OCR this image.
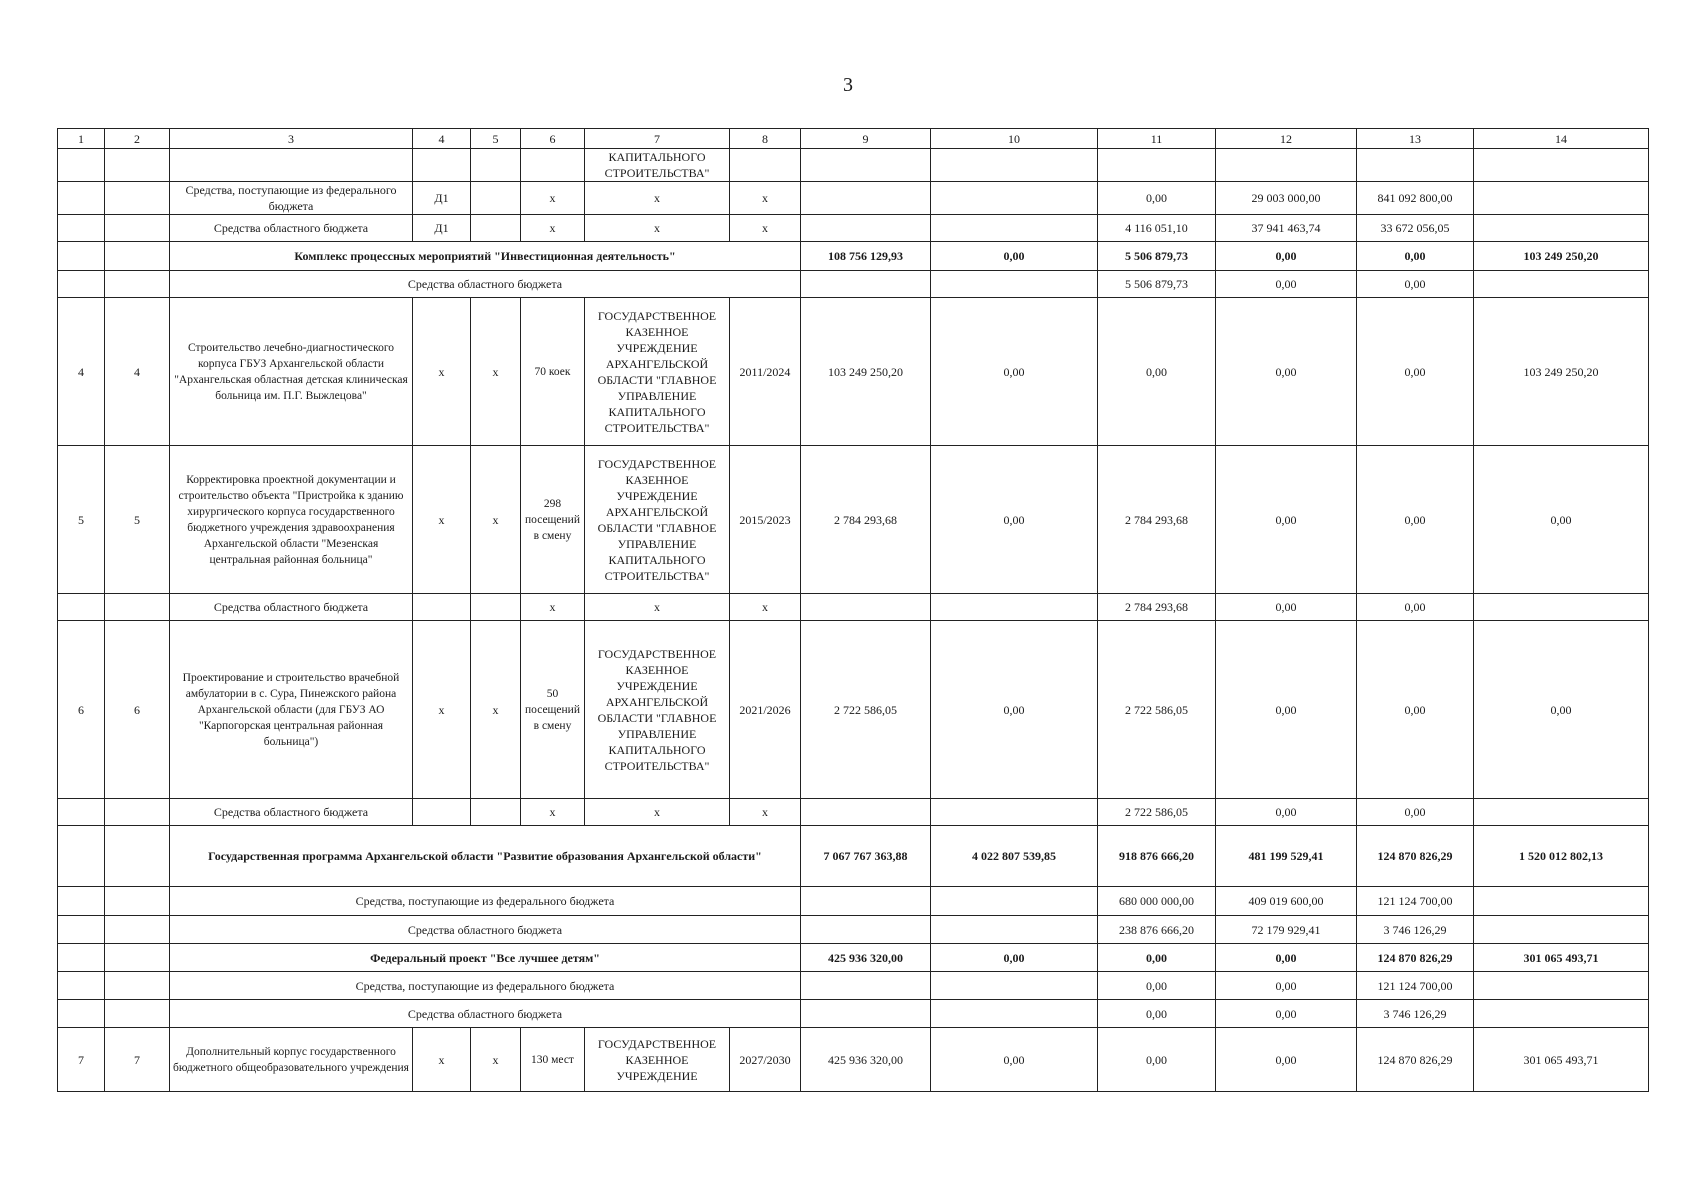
3
1	2	3	4	5	6	7	8	9	10	11	12	13	14
						КАПИТАЛЬНОГО СТРОИТЕЛЬСТВА"							
		Средства, поступающие из федерального бюджета	Д1		х	х	х			0,00	29 003 000,00	841 092 800,00	
		Средства областного бюджета	Д1		х	х	х			4 116 051,10	37 941 463,74	33 672 056,05	
		Комплекс процессных мероприятий "Инвестиционная деятельность"						108 756 129,93	0,00	5 506 879,73	0,00	0,00	103 249 250,20
		Средства областного бюджета								5 506 879,73	0,00	0,00	
4	4	Строительство лечебно-диагностического корпуса ГБУЗ Архангельской области "Архангельская областная детская клиническая больница им. П.Г. Выжлецова"	х	х	70 коек	ГОСУДАРСТВЕННОЕ КАЗЕННОЕ УЧРЕЖДЕНИЕ АРХАНГЕЛЬСКОЙ ОБЛАСТИ "ГЛАВНОЕ УПРАВЛЕНИЕ КАПИТАЛЬНОГО СТРОИТЕЛЬСТВА"	2011/2024	103 249 250,20	0,00	0,00	0,00	0,00	103 249 250,20
5	5	Корректировка проектной документации и строительство объекта "Пристройка к зданию хирургического корпуса государственного бюджетного учреждения здравоохранения Архангельской области "Мезенская центральная районная больница"	х	х	298 посещений в смену	ГОСУДАРСТВЕННОЕ КАЗЕННОЕ УЧРЕЖДЕНИЕ АРХАНГЕЛЬСКОЙ ОБЛАСТИ "ГЛАВНОЕ УПРАВЛЕНИЕ КАПИТАЛЬНОГО СТРОИТЕЛЬСТВА"	2015/2023	2 784 293,68	0,00	2 784 293,68	0,00	0,00	0,00
		Средства областного бюджета			х	х	х			2 784 293,68	0,00	0,00	
6	6	Проектирование и строительство врачебной амбулатории в с. Сура, Пинежского района Архангельской области (для ГБУЗ АО "Карпогорская центральная районная больница")	х	х	50 посещений в смену	ГОСУДАРСТВЕННОЕ КАЗЕННОЕ УЧРЕЖДЕНИЕ АРХАНГЕЛЬСКОЙ ОБЛАСТИ "ГЛАВНОЕ УПРАВЛЕНИЕ КАПИТАЛЬНОГО СТРОИТЕЛЬСТВА"	2021/2026	2 722 586,05	0,00	2 722 586,05	0,00	0,00	0,00
		Средства областного бюджета			х	х	х			2 722 586,05	0,00	0,00	
		Государственная программа Архангельской области "Развитие образования Архангельской области"						7 067 767 363,88	4 022 807 539,85	918 876 666,20	481 199 529,41	124 870 826,29	1 520 012 802,13
		Средства, поступающие из федерального бюджета								680 000 000,00	409 019 600,00	121 124 700,00	
		Средства областного бюджета								238 876 666,20	72 179 929,41	3 746 126,29	
		Федеральный проект "Все лучшее детям"						425 936 320,00	0,00	0,00	0,00	124 870 826,29	301 065 493,71
		Средства, поступающие из федерального бюджета								0,00	0,00	121 124 700,00	
		Средства областного бюджета								0,00	0,00	3 746 126,29	
7	7	Дополнительный корпус государственного бюджетного общеобразовательного учреждения	х	х	130 мест	ГОСУДАРСТВЕННОЕ КАЗЕННОЕ УЧРЕЖДЕНИЕ	2027/2030	425 936 320,00	0,00	0,00	0,00	124 870 826,29	301 065 493,71
